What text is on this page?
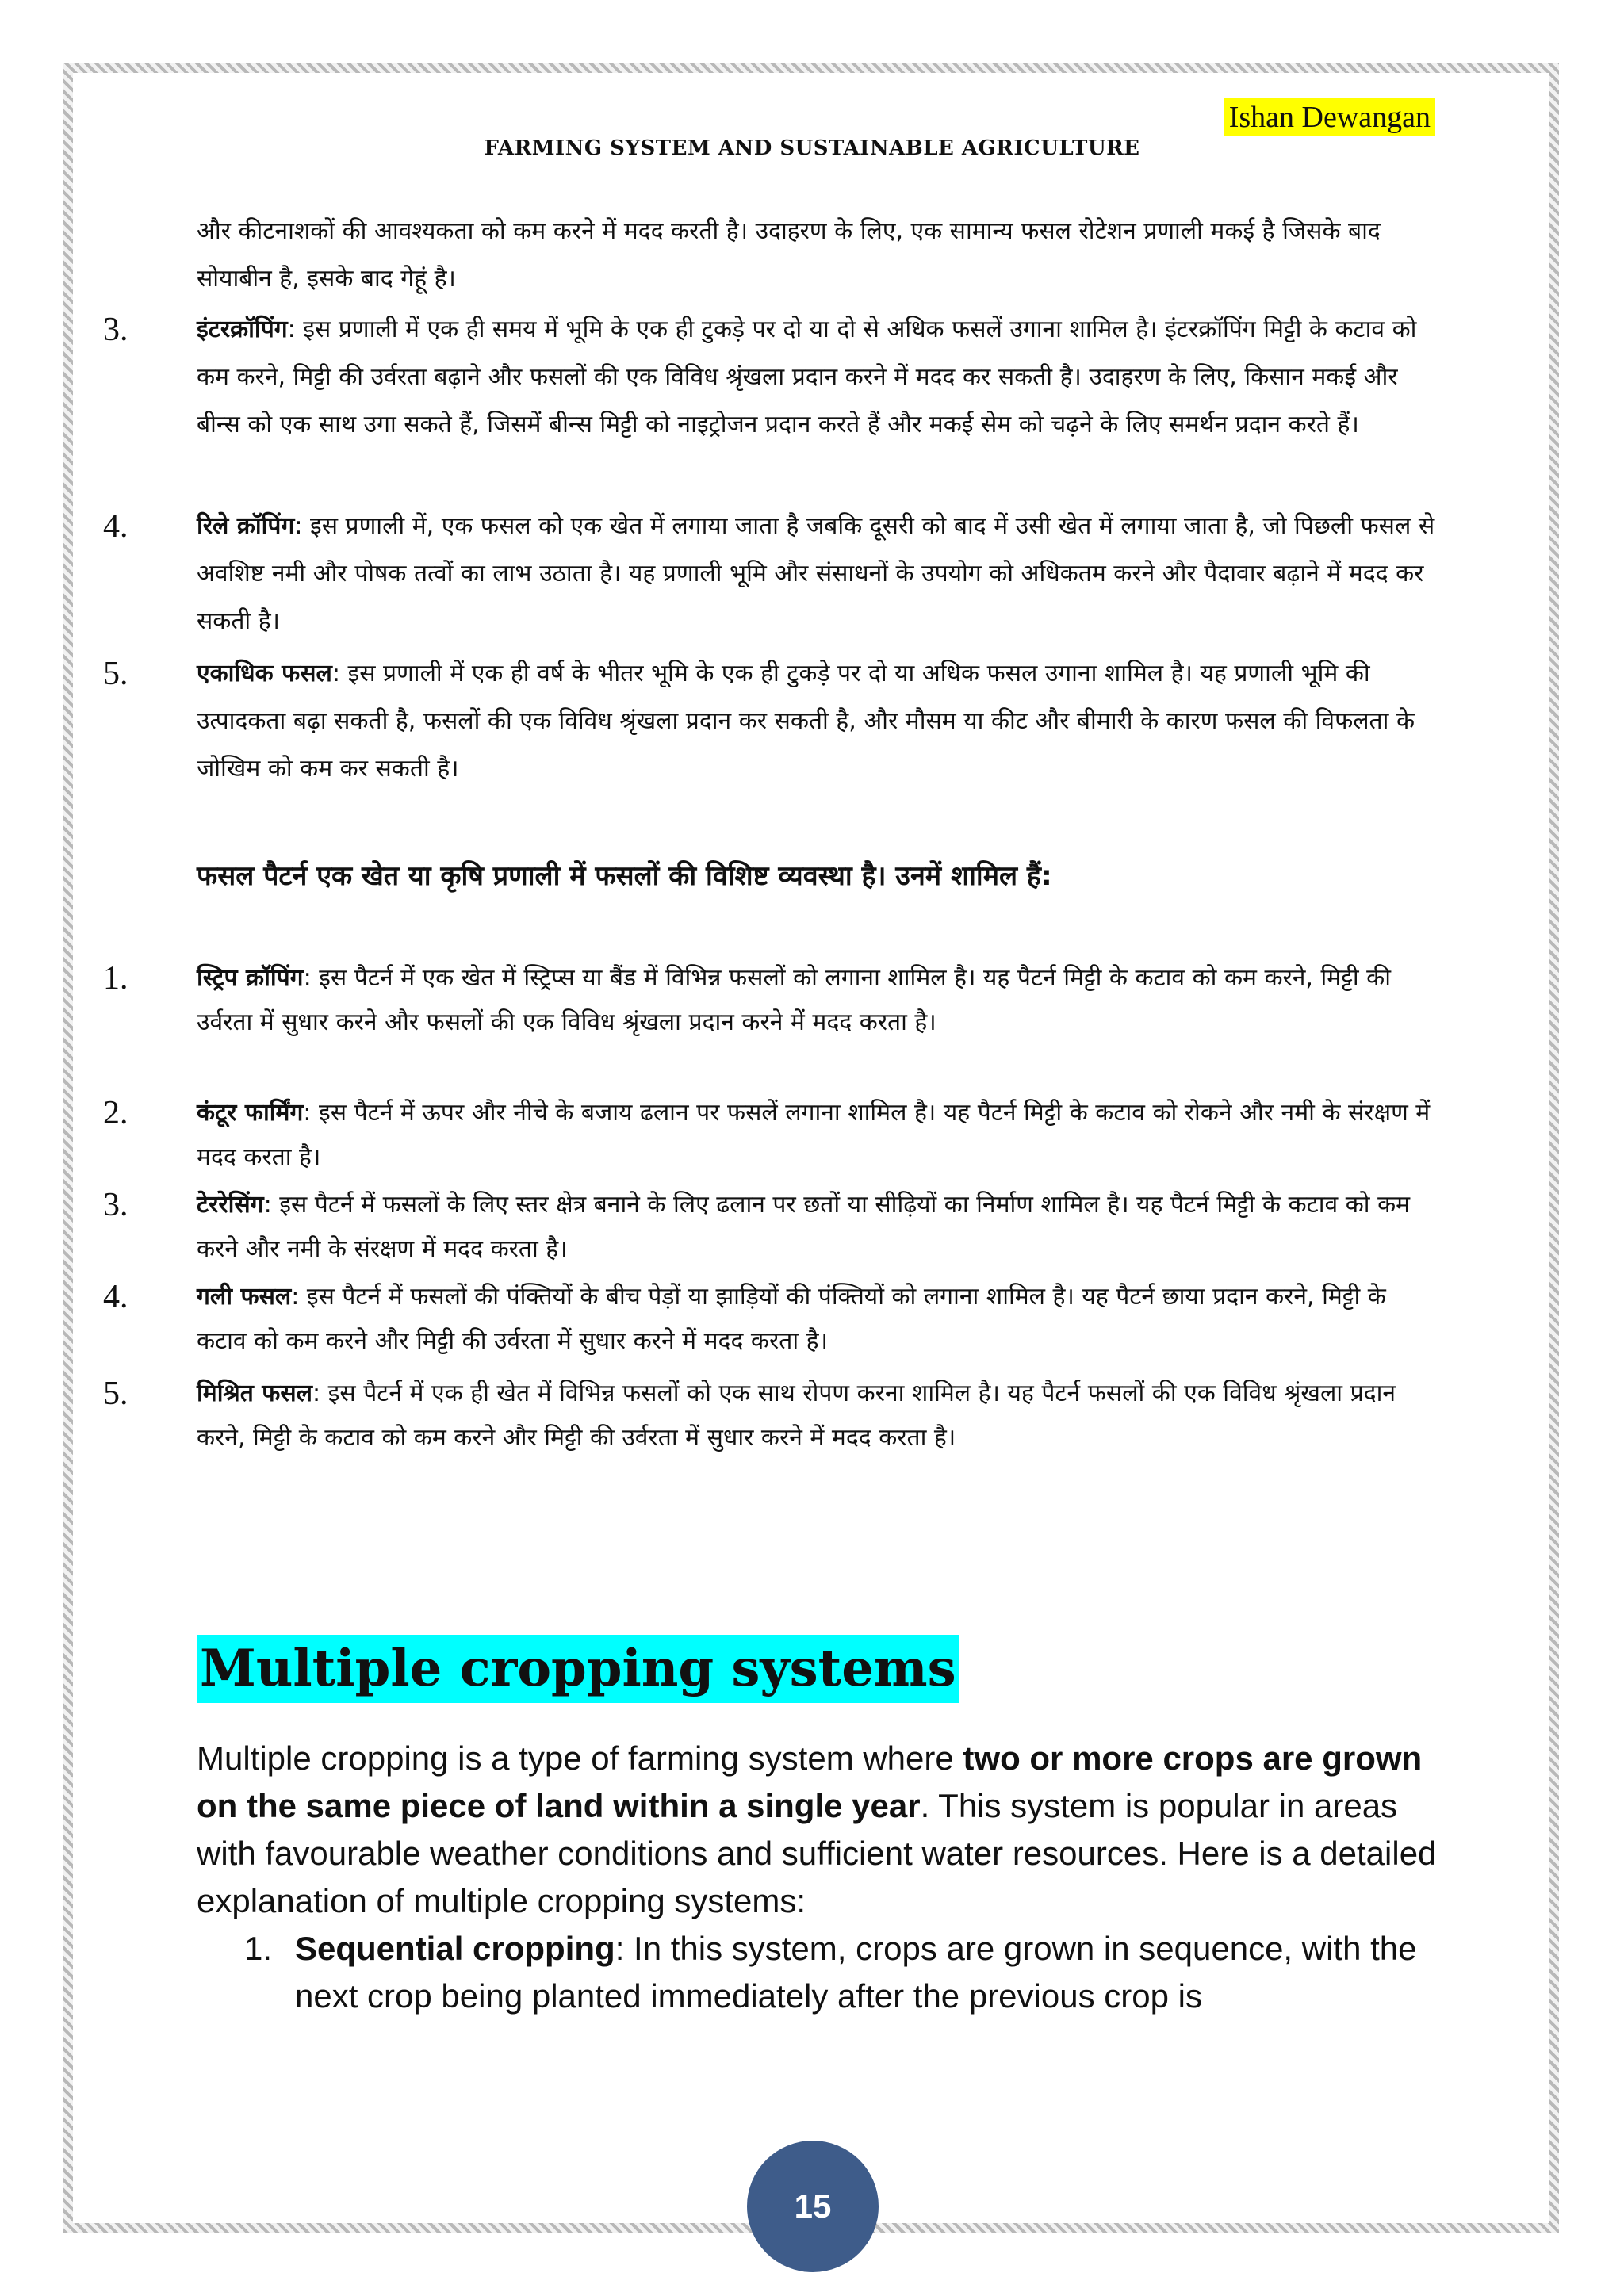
Ishan Dewangan
FARMING SYSTEM AND SUSTAINABLE AGRICULTURE

और कीटनाशकों की आवश्यकता को कम करने में मदद करती है। उदाहरण के लिए, एक सामान्य फसल रोटेशन प्रणाली मकई है जिसके बाद सोयाबीन है, इसके बाद गेहूं है।

3.	इंटरक्रॉपिंग: इस प्रणाली में एक ही समय में भूमि के एक ही टुकड़े पर दो या दो से अधिक फसलें उगाना शामिल है। इंटरक्रॉपिंग मिट्टी के कटाव को कम करने, मिट्टी की उर्वरता बढ़ाने और फसलों की एक विविध श्रृंखला प्रदान करने में मदद कर सकती है। उदाहरण के लिए, किसान मकई और बीन्स को एक साथ उगा सकते हैं, जिसमें बीन्स मिट्टी को नाइट्रोजन प्रदान करते हैं और मकई सेम को चढ़ने के लिए समर्थन प्रदान करते हैं।

4.	रिले क्रॉपिंग: इस प्रणाली में, एक फसल को एक खेत में लगाया जाता है जबकि दूसरी को बाद में उसी खेत में लगाया जाता है, जो पिछली फसल से अवशिष्ट नमी और पोषक तत्वों का लाभ उठाता है। यह प्रणाली भूमि और संसाधनों के उपयोग को अधिकतम करने और पैदावार बढ़ाने में मदद कर सकती है।

5.	एकाधिक फसल: इस प्रणाली में एक ही वर्ष के भीतर भूमि के एक ही टुकड़े पर दो या अधिक फसल उगाना शामिल है। यह प्रणाली भूमि की उत्पादकता बढ़ा सकती है, फसलों की एक विविध श्रृंखला प्रदान कर सकती है, और मौसम या कीट और बीमारी के कारण फसल की विफलता के जोखिम को कम कर सकती है।

फसल पैटर्न एक खेत या कृषि प्रणाली में फसलों की विशिष्ट व्यवस्था है। उनमें शामिल हैं:

1.	स्ट्रिप क्रॉपिंग: इस पैटर्न में एक खेत में स्ट्रिप्स या बैंड में विभिन्न फसलों को लगाना शामिल है। यह पैटर्न मिट्टी के कटाव को कम करने, मिट्टी की उर्वरता में सुधार करने और फसलों की एक विविध श्रृंखला प्रदान करने में मदद करता है।

2.	कंटूर फार्मिंग: इस पैटर्न में ऊपर और नीचे के बजाय ढलान पर फसलें लगाना शामिल है। यह पैटर्न मिट्टी के कटाव को रोकने और नमी के संरक्षण में मदद करता है।

3.	टेररेसिंग: इस पैटर्न में फसलों के लिए स्तर क्षेत्र बनाने के लिए ढलान पर छतों या सीढ़ियों का निर्माण शामिल है। यह पैटर्न मिट्टी के कटाव को कम करने और नमी के संरक्षण में मदद करता है।

4.	गली फसल: इस पैटर्न में फसलों की पंक्तियों के बीच पेड़ों या झाड़ियों की पंक्तियों को लगाना शामिल है। यह पैटर्न छाया प्रदान करने, मिट्टी के कटाव को कम करने और मिट्टी की उर्वरता में सुधार करने में मदद करता है।

5.	मिश्रित फसल: इस पैटर्न में एक ही खेत में विभिन्न फसलों को एक साथ रोपण करना शामिल है। यह पैटर्न फसलों की एक विविध श्रृंखला प्रदान करने, मिट्टी के कटाव को कम करने और मिट्टी की उर्वरता में सुधार करने में मदद करता है।

Multiple cropping systems

Multiple cropping is a type of farming system where two or more crops are grown on the same piece of land within a single year. This system is popular in areas with favourable weather conditions and sufficient water resources. Here is a detailed explanation of multiple cropping systems:

1. Sequential cropping: In this system, crops are grown in sequence, with the next crop being planted immediately after the previous crop is

15
